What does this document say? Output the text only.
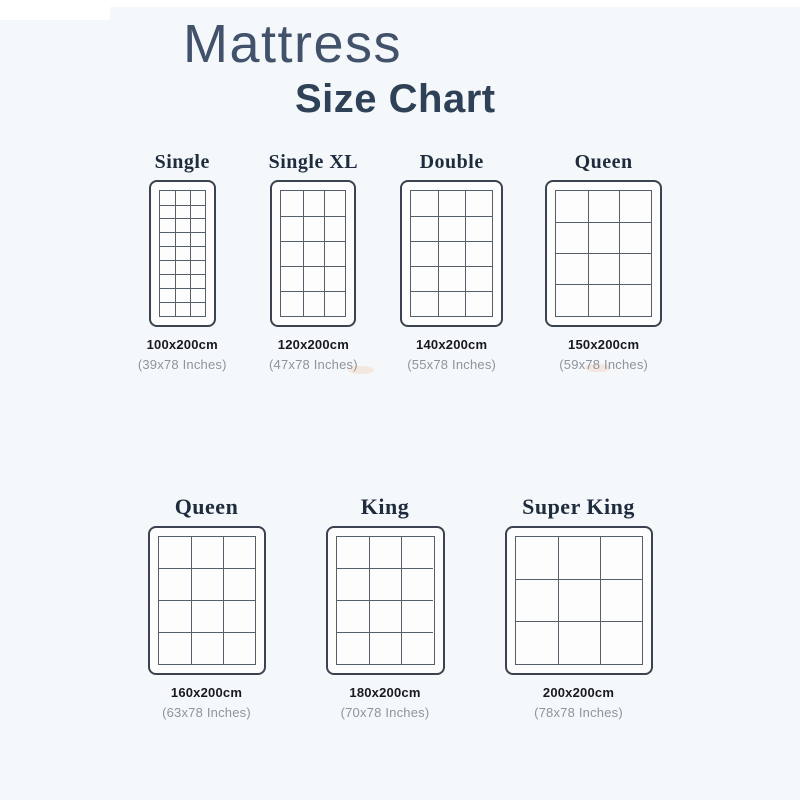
Mattress
Size Chart
Single
100x200cm
(39x78 Inches)
Single XL
120x200cm
(47x78 Inches)
Double
140x200cm
(55x78 Inches)
Queen
150x200cm
(59x78 Inches)
Queen
160x200cm
(63x78 Inches)
King
180x200cm
(70x78 Inches)
Super King
200x200cm
(78x78 Inches)
